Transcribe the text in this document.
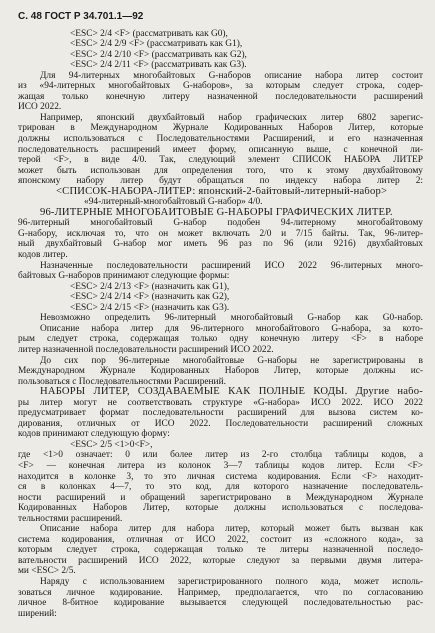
С. 48 ГОСТ Р 34.701.1—92
<ESC> 2/4 <F> (рассматривать как G0),
<ESC> 2/4 2/9 <F> (рассматривать как G1),
<ESC> 2/4 2/10 <F> (рассматривать как G2),
<ESC> 2/4 2/11 <F> (рассматривать как G3).
Для 94-литерных многобайтовых G-наборов описание набора литер состоит
из «94-литерных многобайтовых G-наборов», за которым следует строка, содер-
жащая только конечную литеру назначенной последовательности расширений
ИСО 2022.
Например, японский двухбайтовый набор графических литер 6802 зарегис-
трирован в Международном Журнале Кодированных Наборов Литер, которые
должны использоваться с Последовательностями Расширений, и его назначенная
последовательность расширений имеет форму, описанную выше, с конечной ли-
терой <F>, в виде 4/0. Так, следующий элемент СПИСОК НАБОРА ЛИТЕР
может быть использован для определения того, что к этому двухбайтовому
японскому набору литер будут обращаться по индексу набора литер 2:
<СПИСОК-НАБОРА-ЛИТЕР: японский-2-байтовый-литерный-набор>
«94-литерный-многобайтовый G-набор» 4/0.
96-ЛИТЕРНЫЕ МНОГОБАЙТОВЫЕ G-НАБОРЫ ГРАФИЧЕСКИХ ЛИТЕР.
96-литерный многобайтовый G-набор подобен 94-литерному многобайтовому
G-набору, исключая то, что он может включать 2/0 и 7/15 байты. Так, 96-литер-
ный двухбайтовый G-набор мог иметь 96 раз по 96 (или 9216) двухбайтовых
кодов литер.
Назначенные последовательности расширений ИСО 2022 96-литерных много-
байтовых G-наборов принимают следующие формы:
<ESC> 2/4 2/13 <F> (назначить как G1),
<ESC> 2/4 2/14 <F> (назначить как G2),
<ESC> 2/4 2/15 <F> (назначить как G3).
Невозможно определить 96-литерный многобайтовый G-набор как G0-набор.
Описание набора литер для 96-литерного многобайтового G-набора, за кото-
рым следует строка, содержащая только одну конечную литеру <F> в наборе
литер назначенной последовательности расширений ИСО 2022.
До сих пор 96-литерные многобайтовые G-наборы не зарегистрированы в
Международном Журнале Кодированных Наборов Литер, которые должны ис-
пользоваться с Последовательностями Расширений.
НАБОРЫ ЛИТЕР, СОЗДАВАЕМЫЕ КАК ПОЛНЫЕ КОДЫ. Другие набо-
ры литер могут не соответствовать структуре «G-набора» ИСО 2022. ИСО 2022
предусматривает формат последовательности расширений для вызова систем ко-
дирования, отличных от ИСО 2022. Последовательности расширений сложных
кодов принимают следующую форму:
<ESC> 2/5 <1>0<F>,
где <1>0 означает: 0 или более литер из 2-го столбца таблицы кодов, а
<F> — конечная литера из колонок 3—7 таблицы кодов литер. Если <F>
находится в колонке 3, то это личная система кодирования. Если <F> находит-
ся в колонках 4—7, то это код, для которого назначение последователь-
ности расширений и обращений зарегистрировано в Международном Журнале
Кодированных Наборов Литер, которые должны использоваться с последова-
тельностями расширений.
Описание набора литер для набора литер, который может быть вызван как
система кодирования, отличная от ИСО 2022, состоит из «сложного кода», за
которым следует строка, содержащая только те литеры назначенной последо-
вательности расширений ИСО 2022, которые следуют за первыми двумя литера-
ми <ESC> 2/5.
Наряду с использованием зарегистрированного полного кода, может исполь-
зоваться личное кодирование. Например, предполагается, что по согласованию
личное 8-битное кодирование вызывается следующей последовательностью рас-
ширений:
